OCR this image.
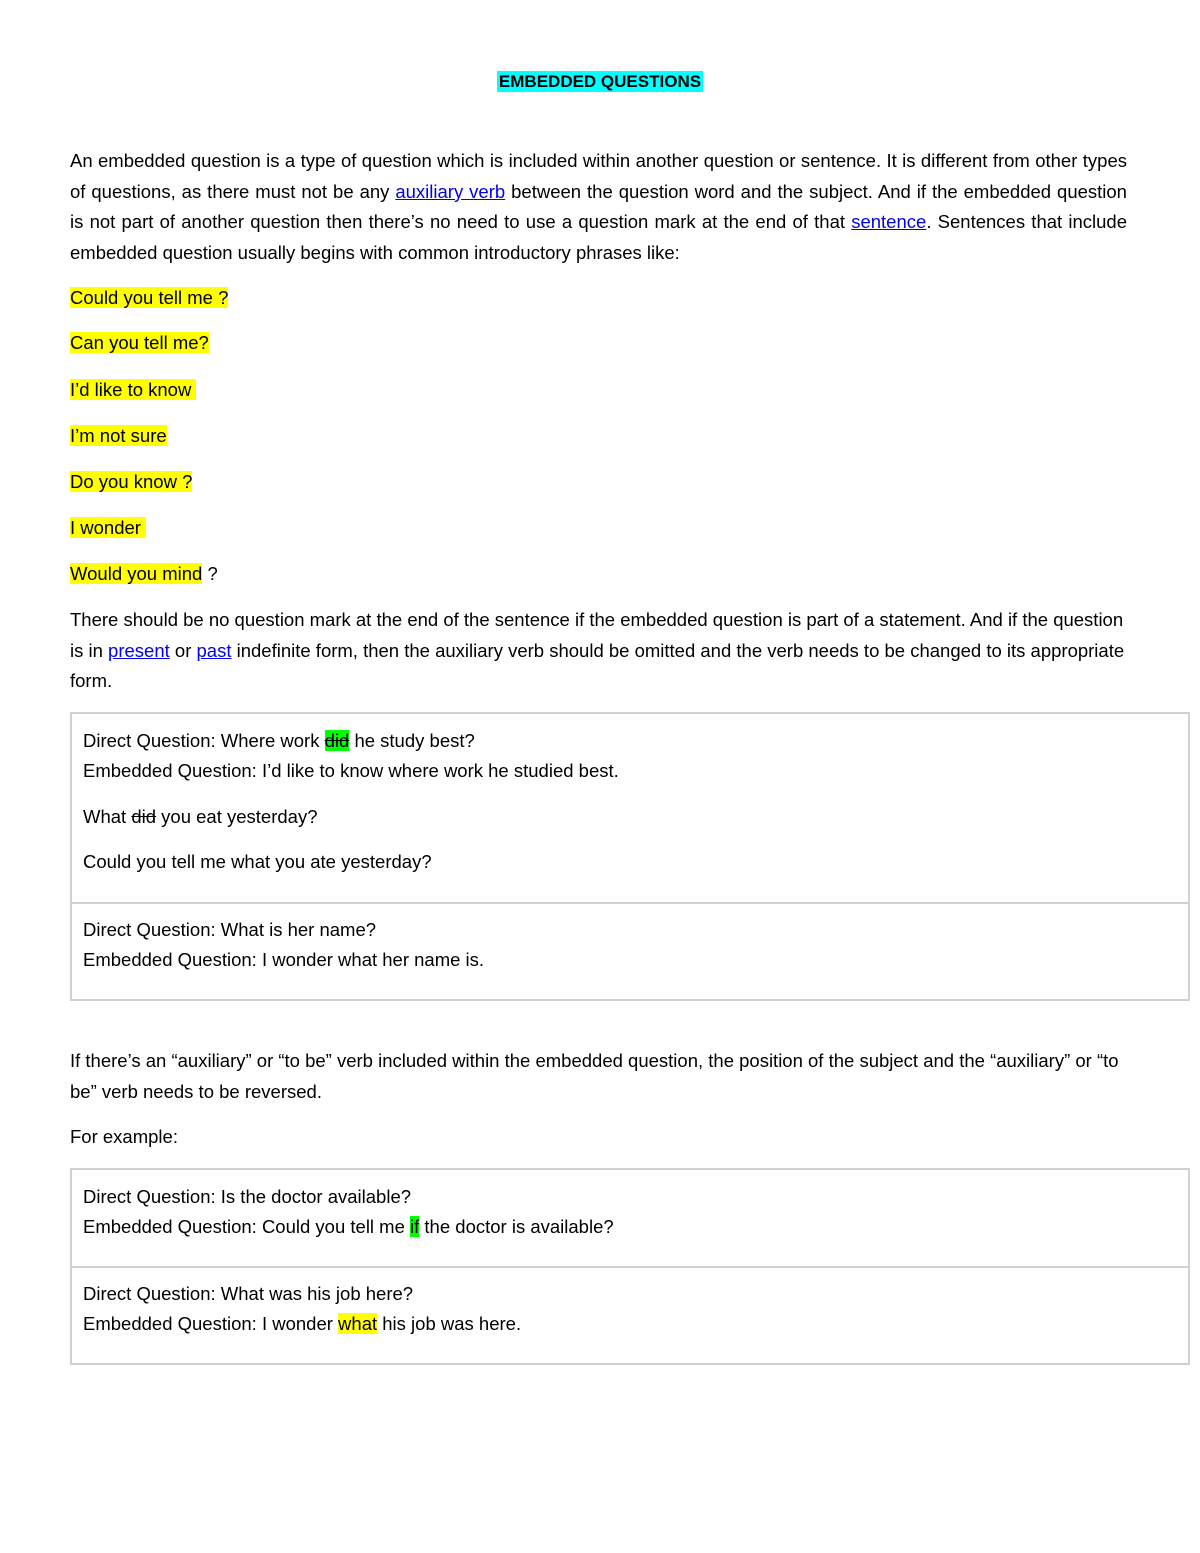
EMBEDDED QUESTIONS

An embedded question is a type of question which is included within another question or sentence. It is different from other types of questions, as there must not be any auxiliary verb between the question word and the subject. And if the embedded question is not part of another question then there’s no need to use a question mark at the end of that sentence. Sentences that include embedded question usually begins with common introductory phrases like:

Could you tell me ?
Can you tell me?
I’d like to know
I’m not sure
Do you know ?
I wonder
Would you mind ?

There should be no question mark at the end of the sentence if the embedded question is part of a statement. And if the question is in present or past indefinite form, then the auxiliary verb should be omitted and the verb needs to be changed to its appropriate form.

Direct Question: Where work did he study best?
Embedded Question: I’d like to know where work he studied best.
What did you eat yesterday?
Could you tell me what you ate yesterday?
Direct Question: What is her name?
Embedded Question: I wonder what her name is.

If there’s an “auxiliary” or “to be” verb included within the embedded question, the position of the subject and the “auxiliary” or “to be” verb needs to be reversed.

For example:

Direct Question: Is the doctor available?
Embedded Question: Could you tell me if the doctor is available?
Direct Question: What was his job here?
Embedded Question: I wonder what his job was here.
